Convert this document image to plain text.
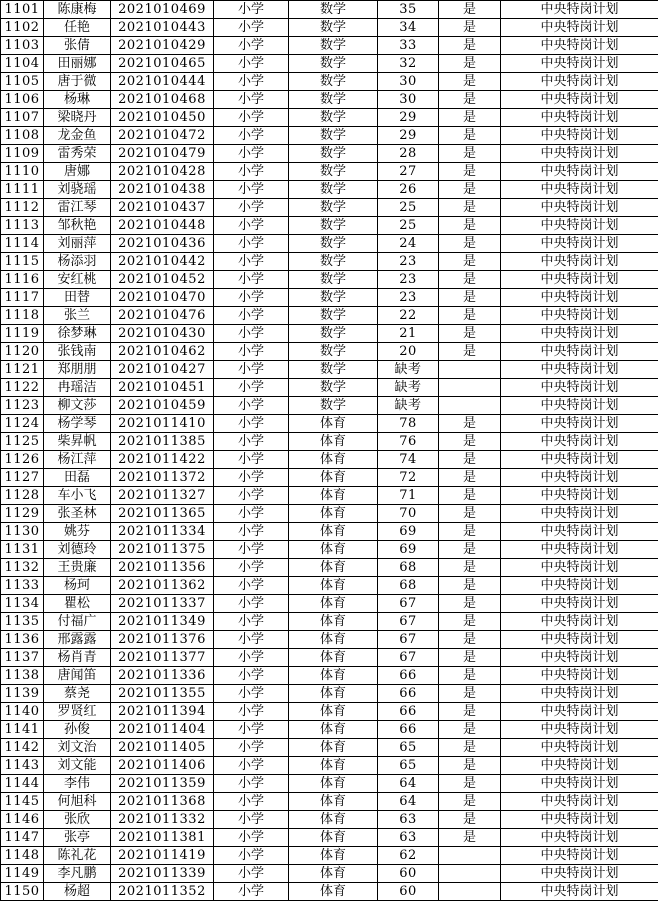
1101	陈康梅	2021010469	小学	数学	35	是	中央特岗计划
1102	任艳	2021010443	小学	数学	34	是	中央特岗计划
1103	张倩	2021010429	小学	数学	33	是	中央特岗计划
1104	田丽娜	2021010465	小学	数学	32	是	中央特岗计划
1105	唐于微	2021010444	小学	数学	30	是	中央特岗计划
1106	杨琳	2021010468	小学	数学	30	是	中央特岗计划
1107	梁晓丹	2021010450	小学	数学	29	是	中央特岗计划
1108	龙金鱼	2021010472	小学	数学	29	是	中央特岗计划
1109	雷秀荣	2021010479	小学	数学	28	是	中央特岗计划
1110	唐娜	2021010428	小学	数学	27	是	中央特岗计划
1111	刘骁瑶	2021010438	小学	数学	26	是	中央特岗计划
1112	雷江琴	2021010437	小学	数学	25	是	中央特岗计划
1113	邹秋艳	2021010448	小学	数学	25	是	中央特岗计划
1114	刘丽萍	2021010436	小学	数学	24	是	中央特岗计划
1115	杨添羽	2021010442	小学	数学	23	是	中央特岗计划
1116	安红桃	2021010452	小学	数学	23	是	中央特岗计划
1117	田替	2021010470	小学	数学	23	是	中央特岗计划
1118	张兰	2021010476	小学	数学	22	是	中央特岗计划
1119	徐梦琳	2021010430	小学	数学	21	是	中央特岗计划
1120	张钱南	2021010462	小学	数学	20	是	中央特岗计划
1121	郑朋朋	2021010427	小学	数学	缺考		中央特岗计划
1122	冉瑶洁	2021010451	小学	数学	缺考		中央特岗计划
1123	柳文莎	2021010459	小学	数学	缺考		中央特岗计划
1124	杨学琴	2021011410	小学	体育	78	是	中央特岗计划
1125	柴昇帆	2021011385	小学	体育	76	是	中央特岗计划
1126	杨江萍	2021011422	小学	体育	74	是	中央特岗计划
1127	田磊	2021011372	小学	体育	72	是	中央特岗计划
1128	车小飞	2021011327	小学	体育	71	是	中央特岗计划
1129	张圣林	2021011365	小学	体育	70	是	中央特岗计划
1130	姚芬	2021011334	小学	体育	69	是	中央特岗计划
1131	刘德玲	2021011375	小学	体育	69	是	中央特岗计划
1132	王贵廉	2021011356	小学	体育	68	是	中央特岗计划
1133	杨珂	2021011362	小学	体育	68	是	中央特岗计划
1134	瞿松	2021011337	小学	体育	67	是	中央特岗计划
1135	付福广	2021011349	小学	体育	67	是	中央特岗计划
1136	邢露露	2021011376	小学	体育	67	是	中央特岗计划
1137	杨肖青	2021011377	小学	体育	67	是	中央特岗计划
1138	唐闻笛	2021011336	小学	体育	66	是	中央特岗计划
1139	蔡尧	2021011355	小学	体育	66	是	中央特岗计划
1140	罗贤红	2021011394	小学	体育	66	是	中央特岗计划
1141	孙俊	2021011404	小学	体育	66	是	中央特岗计划
1142	刘文治	2021011405	小学	体育	65	是	中央特岗计划
1143	刘文能	2021011406	小学	体育	65	是	中央特岗计划
1144	李伟	2021011359	小学	体育	64	是	中央特岗计划
1145	何旭科	2021011368	小学	体育	64	是	中央特岗计划
1146	张欣	2021011332	小学	体育	63	是	中央特岗计划
1147	张亭	2021011381	小学	体育	63	是	中央特岗计划
1148	陈礼花	2021011419	小学	体育	62		中央特岗计划
1149	李凡鹏	2021011339	小学	体育	60		中央特岗计划
1150	杨超	2021011352	小学	体育	60		中央特岗计划
